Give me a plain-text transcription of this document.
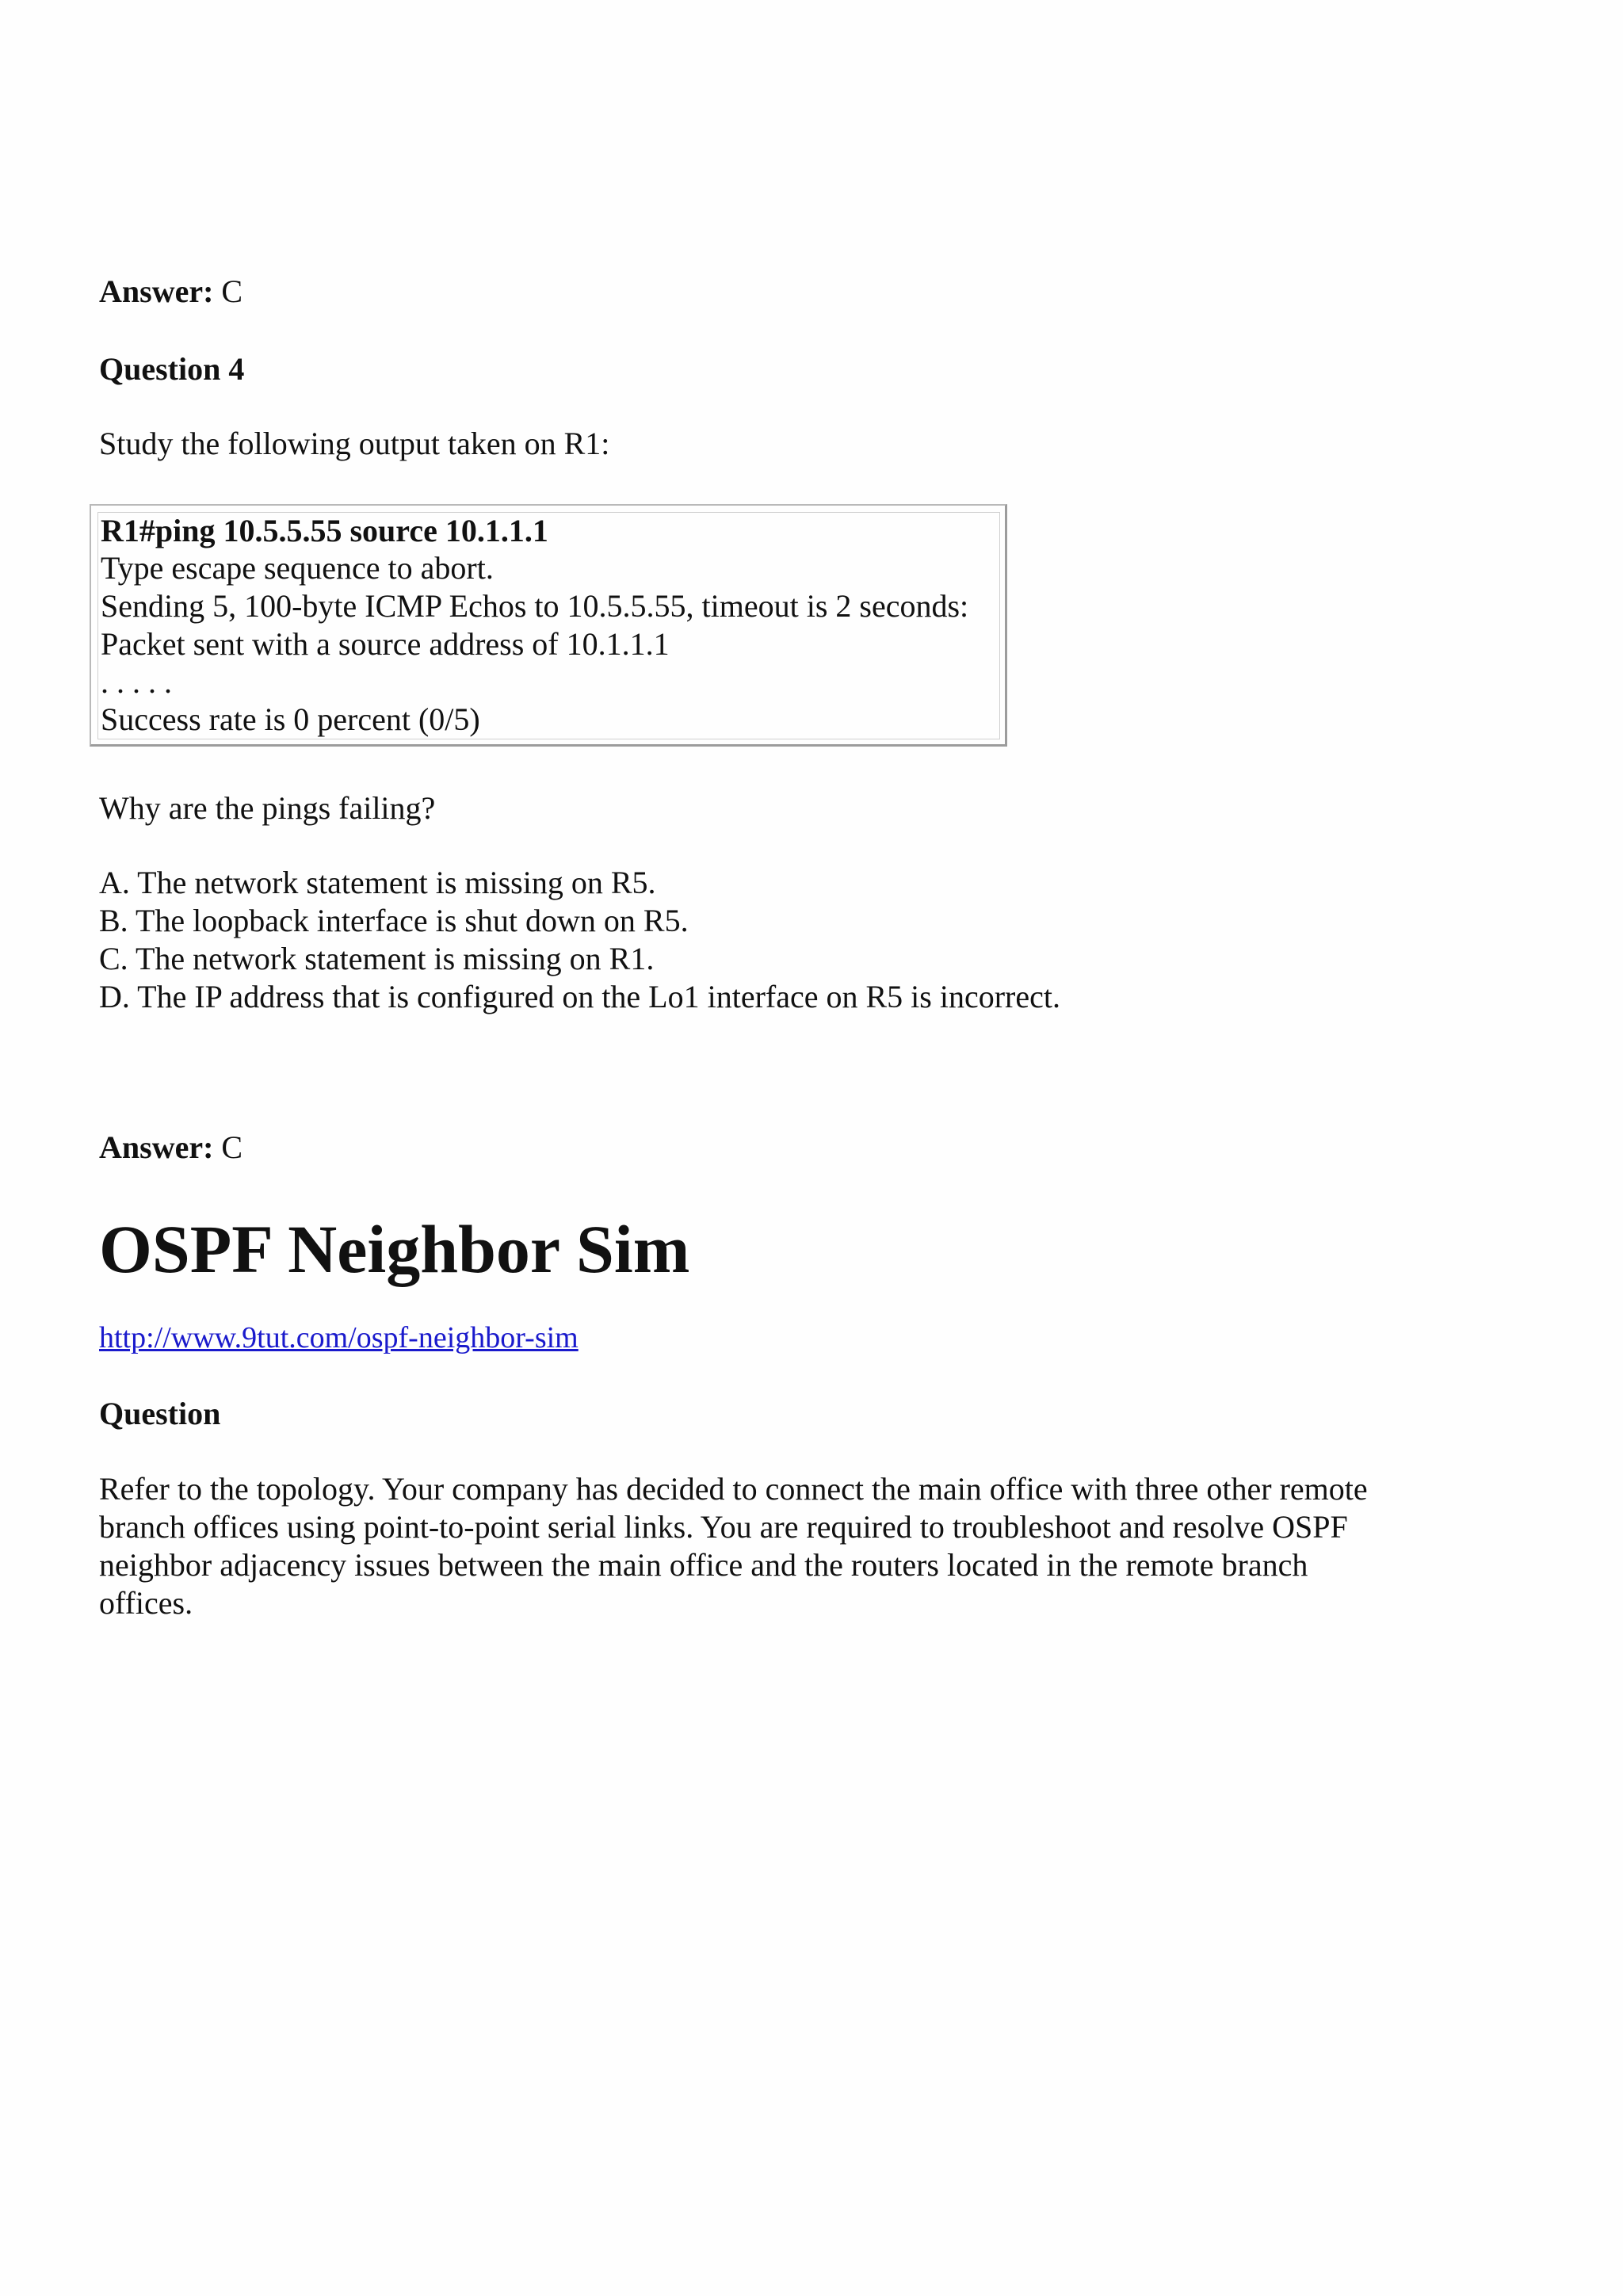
Answer: C
Question 4
Study the following output taken on R1:
R1#ping 10.5.5.55 source 10.1.1.1
Type escape sequence to abort.
Sending 5, 100-byte ICMP Echos to 10.5.5.55, timeout is 2 seconds:
Packet sent with a source address of 10.1.1.1
. . . . .
Success rate is 0 percent (0/5)
Why are the pings failing?
A. The network statement is missing on R5.
B. The loopback interface is shut down on R5.
C. The network statement is missing on R1.
D. The IP address that is configured on the Lo1 interface on R5 is incorrect.
Answer: C
OSPF Neighbor Sim
http://www.9tut.com/ospf-neighbor-sim
Question
Refer to the topology. Your company has decided to connect the main office with three other remote
branch offices using point-to-point serial links. You are required to troubleshoot and resolve OSPF
neighbor adjacency issues between the main office and the routers located in the remote branch
offices.
